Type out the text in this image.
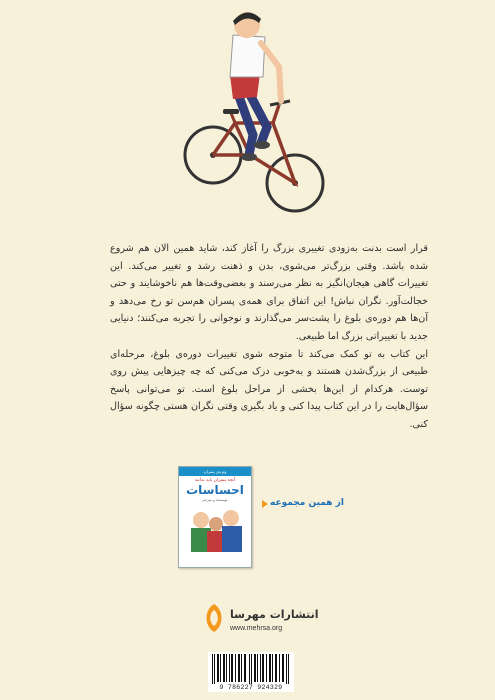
قرار است بدنت به‌زودی تغییری بزرگ را آغاز کند، شاید همین الان هم شروع شده باشد. وقتی بزرگ‌تر می‌شوی، بدن و ذهنت رشد و تغییر می‌کند. این تغییرات گاهی هیجان‌انگیز به نظر می‌رسند و بعضی‌وقت‌ها هم ناخوشایند و حتی خجالت‌آور. نگران نباش! این اتفاق برای همه‌ی پسران هم‌سن تو رخ می‌دهد و آن‌ها هم دوره‌ی بلوغ را پشت‌سر می‌گذارند و نوجوانی را تجربه می‌کنند؛ دنیایی جدید با تغییراتی بزرگ اما طبیعی.

این کتاب به تو کمک می‌کند تا متوجه شوی تغییرات دوره‌ی بلوغ، مرحله‌ای طبیعی از بزرگ‌شدن هستند و به‌خوبی درک می‌کنی که چه چیزهایی پیش روی توست. هرکدام از این‌ها بخشی از مراحل بلوغ است. تو می‌توانی پاسخ سؤال‌هایت را در این کتاب پیدا کنی و یاد بگیری وقتی نگران هستی چگونه سؤال کنی.

ویژه‌ی پسران
آنچه پسران باید بدانند
احساسات
نویسنده و مترجم	از همین مجموعه
انتشارات مهرسا
www.mehrsa.org
9 786227 924329
